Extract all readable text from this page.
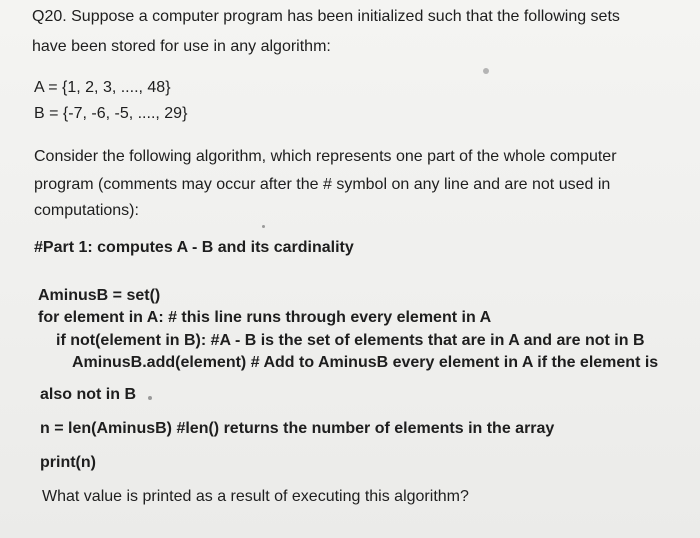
Q20. Suppose a computer program has been initialized such that the following sets
have been stored for use in any algorithm:
A = {1, 2, 3, ...., 48}
B = {-7, -6, -5, ...., 29}
Consider the following algorithm, which represents one part of the whole computer
program (comments may occur after the # symbol on any line and are not used in
computations):
#Part 1: computes A - B and its cardinality
AminusB = set()
for element in A: # this line runs through every element in A
if not(element in B): #A - B is the set of elements that are in A and are not in B
AminusB.add(element) # Add to AminusB every element in A if the element is
also not in B
n = len(AminusB) #len() returns the number of elements in the array
print(n)
What value is printed as a result of executing this algorithm?
